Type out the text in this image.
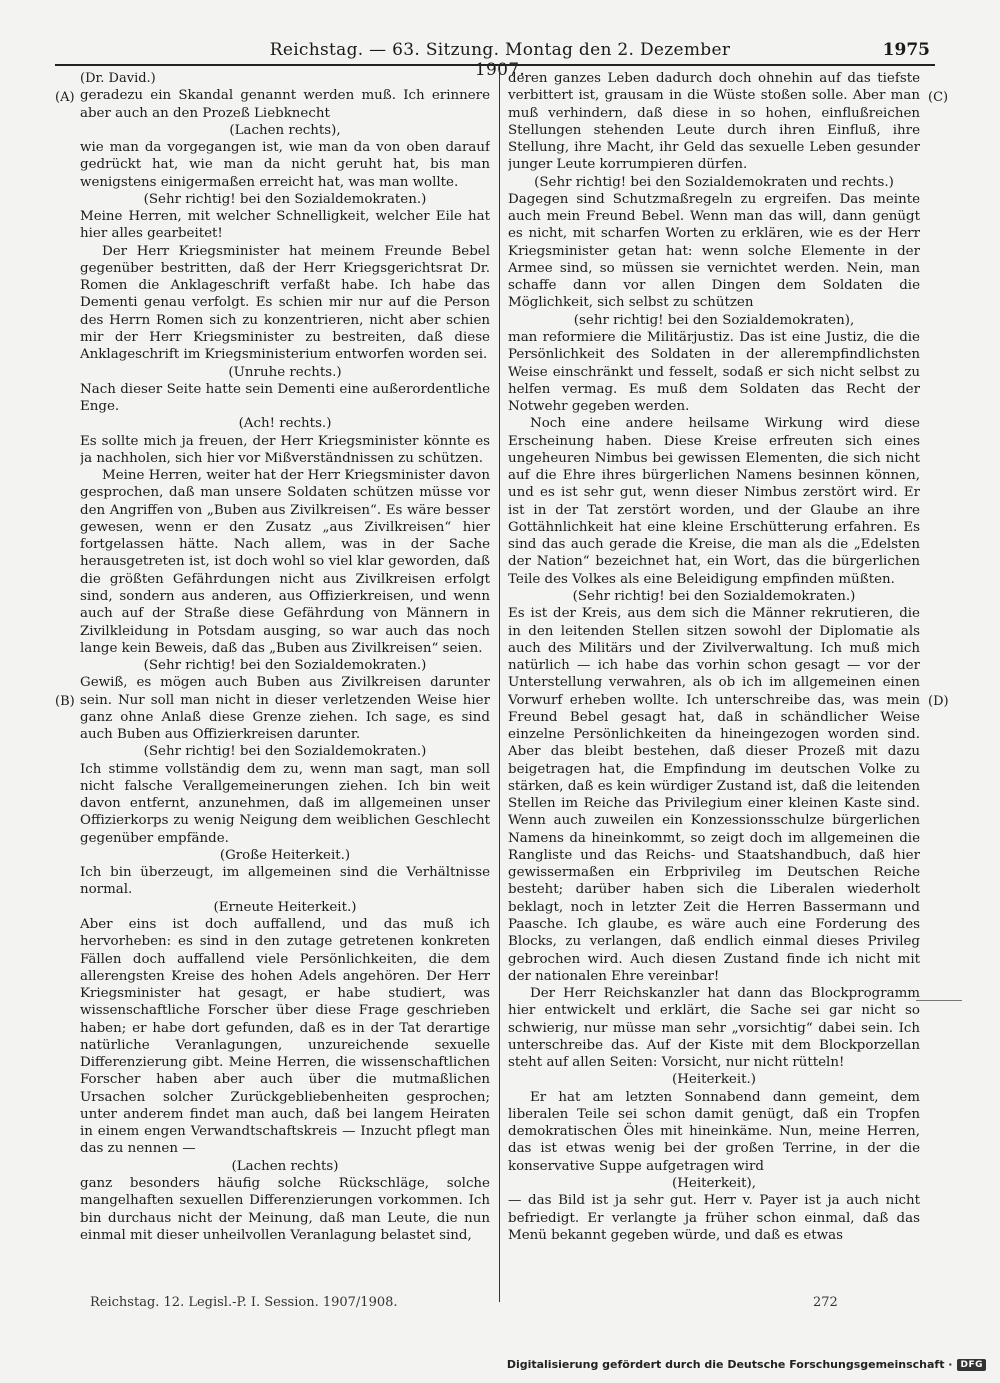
Reichstag. — 63. Sitzung. Montag den 2. Dezember 1907.
1975
(A)
(B)
(C)
(D)

(Dr. David.)

geradezu ein Skandal genannt werden muß. Ich erinnere aber auch an den Prozeß Liebknecht

(Lachen rechts),

wie man da vorgegangen ist, wie man da von oben darauf gedrückt hat, wie man da nicht geruht hat, bis man wenigstens einigermaßen erreicht hat, was man wollte.

(Sehr richtig! bei den Sozialdemokraten.)

Meine Herren, mit welcher Schnelligkeit, welcher Eile hat hier alles gearbeitet!

Der Herr Kriegsminister hat meinem Freunde Bebel gegenüber bestritten, daß der Herr Kriegsgerichtsrat Dr. Romen die Anklageschrift verfaßt habe. Ich habe das Dementi genau verfolgt. Es schien mir nur auf die Person des Herrn Romen sich zu konzentrieren, nicht aber schien mir der Herr Kriegsminister zu bestreiten, daß diese Anklageschrift im Kriegsministerium entworfen worden sei.

(Unruhe rechts.)

Nach dieser Seite hatte sein Dementi eine außerordentliche Enge.

(Ach! rechts.)

Es sollte mich ja freuen, der Herr Kriegsminister könnte es ja nachholen, sich hier vor Mißverständnissen zu schützen.

Meine Herren, weiter hat der Herr Kriegsminister davon gesprochen, daß man unsere Soldaten schützen müsse vor den Angriffen von „Buben aus Zivilkreisen“. Es wäre besser gewesen, wenn er den Zusatz „aus Zivilkreisen“ hier fortgelassen hätte. Nach allem, was in der Sache herausgetreten ist, ist doch wohl so viel klar geworden, daß die größten Gefährdungen nicht aus Zivilkreisen erfolgt sind, sondern aus anderen, aus Offizierkreisen, und wenn auch auf der Straße diese Gefährdung von Männern in Zivilkleidung in Potsdam ausging, so war auch das noch lange kein Beweis, daß das „Buben aus Zivilkreisen“ seien.

(Sehr richtig! bei den Sozialdemokraten.)

Gewiß, es mögen auch Buben aus Zivilkreisen darunter sein. Nur soll man nicht in dieser verletzenden Weise hier ganz ohne Anlaß diese Grenze ziehen. Ich sage, es sind auch Buben aus Offizierkreisen darunter.

(Sehr richtig! bei den Sozialdemokraten.)

Ich stimme vollständig dem zu, wenn man sagt, man soll nicht falsche Verallgemeinerungen ziehen. Ich bin weit davon entfernt, anzunehmen, daß im allgemeinen unser Offizierkorps zu wenig Neigung dem weiblichen Geschlecht gegenüber empfände.

(Große Heiterkeit.)

Ich bin überzeugt, im allgemeinen sind die Verhältnisse normal.

(Erneute Heiterkeit.)

Aber eins ist doch auffallend, und das muß ich hervorheben: es sind in den zutage getretenen konkreten Fällen doch auffallend viele Persönlichkeiten, die dem allerengsten Kreise des hohen Adels angehören. Der Herr Kriegsminister hat gesagt, er habe studiert, was wissenschaftliche Forscher über diese Frage geschrieben haben; er habe dort gefunden, daß es in der Tat derartige natürliche Veranlagungen, unzureichende sexuelle Differenzierung gibt. Meine Herren, die wissenschaftlichen Forscher haben aber auch über die mutmaßlichen Ursachen solcher Zurückgebliebenheiten gesprochen; unter anderem findet man auch, daß bei langem Heiraten in einem engen Verwandtschaftskreis — Inzucht pflegt man das zu nennen —

(Lachen rechts)

ganz besonders häufig solche Rückschläge, solche mangelhaften sexuellen Differenzierungen vorkommen. Ich bin durchaus nicht der Meinung, daß man Leute, die nun einmal mit dieser unheilvollen Veranlagung belastet sind,

deren ganzes Leben dadurch doch ohnehin auf das tiefste verbittert ist, grausam in die Wüste stoßen solle. Aber man muß verhindern, daß diese in so hohen, einflußreichen Stellungen stehenden Leute durch ihren Einfluß, ihre Stellung, ihre Macht, ihr Geld das sexuelle Leben gesunder junger Leute korrumpieren dürfen.

(Sehr richtig! bei den Sozialdemokraten und rechts.)

Dagegen sind Schutzmaßregeln zu ergreifen. Das meinte auch mein Freund Bebel. Wenn man das will, dann genügt es nicht, mit scharfen Worten zu erklären, wie es der Herr Kriegsminister getan hat: wenn solche Elemente in der Armee sind, so müssen sie vernichtet werden. Nein, man schaffe dann vor allen Dingen dem Soldaten die Möglichkeit, sich selbst zu schützen

(sehr richtig! bei den Sozialdemokraten),

man reformiere die Militärjustiz. Das ist eine Justiz, die die Persönlichkeit des Soldaten in der allerempfindlichsten Weise einschränkt und fesselt, sodaß er sich nicht selbst zu helfen vermag. Es muß dem Soldaten das Recht der Notwehr gegeben werden.

Noch eine andere heilsame Wirkung wird diese Erscheinung haben. Diese Kreise erfreuten sich eines ungeheuren Nimbus bei gewissen Elementen, die sich nicht auf die Ehre ihres bürgerlichen Namens besinnen können, und es ist sehr gut, wenn dieser Nimbus zerstört wird. Er ist in der Tat zerstört worden, und der Glaube an ihre Gottähnlichkeit hat eine kleine Erschütterung erfahren. Es sind das auch gerade die Kreise, die man als die „Edelsten der Nation“ bezeichnet hat, ein Wort, das die bürgerlichen Teile des Volkes als eine Beleidigung empfinden müßten.

(Sehr richtig! bei den Sozialdemokraten.)

Es ist der Kreis, aus dem sich die Männer rekrutieren, die in den leitenden Stellen sitzen sowohl der Diplomatie als auch des Militärs und der Zivilverwaltung. Ich muß mich natürlich — ich habe das vorhin schon gesagt — vor der Unterstellung verwahren, als ob ich im allgemeinen einen Vorwurf erheben wollte. Ich unterschreibe das, was mein Freund Bebel gesagt hat, daß in schändlicher Weise einzelne Persönlichkeiten da hineingezogen worden sind. Aber das bleibt bestehen, daß dieser Prozeß mit dazu beigetragen hat, die Empfindung im deutschen Volke zu stärken, daß es kein würdiger Zustand ist, daß die leitenden Stellen im Reiche das Privilegium einer kleinen Kaste sind. Wenn auch zuweilen ein Konzessionsschulze bürgerlichen Namens da hineinkommt, so zeigt doch im allgemeinen die Rangliste und das Reichs- und Staatshandbuch, daß hier gewissermaßen ein Erbprivileg im Deutschen Reiche besteht; darüber haben sich die Liberalen wiederholt beklagt, noch in letzter Zeit die Herren Bassermann und Paasche. Ich glaube, es wäre auch eine Forderung des Blocks, zu verlangen, daß endlich einmal dieses Privileg gebrochen wird. Auch diesen Zustand finde ich nicht mit der nationalen Ehre vereinbar!

Der Herr Reichskanzler hat dann das Blockprogramm hier entwickelt und erklärt, die Sache sei gar nicht so schwierig, nur müsse man sehr „vorsichtig“ dabei sein. Ich unterschreibe das. Auf der Kiste mit dem Blockporzellan steht auf allen Seiten: Vorsicht, nur nicht rütteln!

(Heiterkeit.)

Er hat am letzten Sonnabend dann gemeint, dem liberalen Teile sei schon damit genügt, daß ein Tropfen demokratischen Öles mit hineinkäme. Nun, meine Herren, das ist etwas wenig bei der großen Terrine, in der die konservative Suppe aufgetragen wird

(Heiterkeit),

— das Bild ist ja sehr gut. Herr v. Payer ist ja auch nicht befriedigt. Er verlangte ja früher schon einmal, daß das Menü bekannt gegeben würde, und daß es etwas

Reichstag. 12. Legisl.-P. I. Session. 1907/1908.	272
Digitalisierung gefördert durch die Deutsche Forschungsgemeinschaft · DFG
